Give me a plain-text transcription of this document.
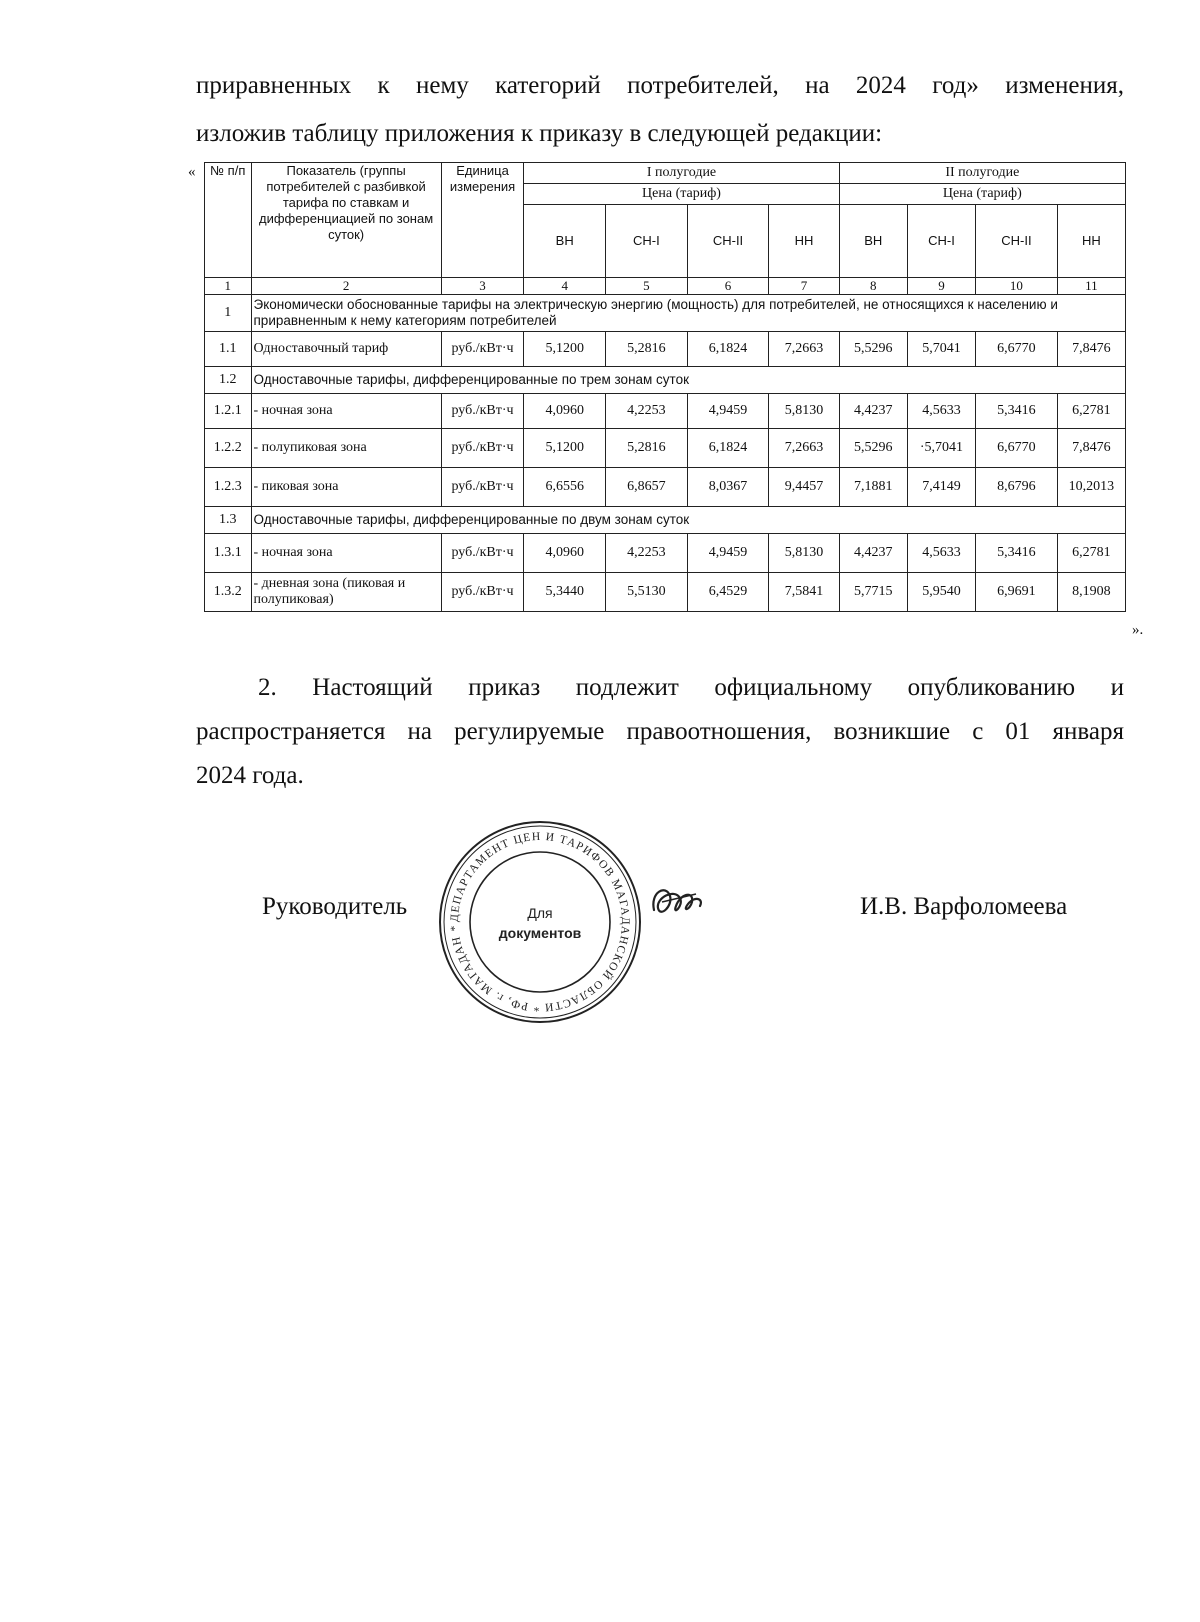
приравненных к нему категорий потребителей, на 2024 год» изменения,

изложив таблицу приложения к приказу в следующей редакции:

« № п/п	Показатель (группы потребителей с разбивкой тарифа по ставкам и дифференциацией по зонам суток)	Единица измерения	I полугодие				II полугодие			
			Цена (тариф)				Цена (тариф)			
			ВН	СН-I	СН-II	НН	ВН	СН-I	СН-II	НН
1	2	3	4	5	6	7	8	9	10	11
1	Экономически обоснованные тарифы на электрическую энергию (мощность) для потребителей, не относящихся к населению и приравненным к нему категориям потребителей									
1.1	Одноставочный тариф	руб./кВт·ч	5,1200	5,2816	6,1824	7,2663	5,5296	5,7041	6,6770	7,8476
1.2	Одноставочные тарифы, дифференцированные по трем зонам суток									
1.2.1	- ночная зона	руб./кВт·ч	4,0960	4,2253	4,9459	5,8130	4,4237	4,5633	5,3416	6,2781
1.2.2	- полупиковая зона	руб./кВт·ч	5,1200	5,2816	6,1824	7,2663	5,5296	·5,7041	6,6770	7,8476
1.2.3	- пиковая зона	руб./кВт·ч	6,6556	6,8657	8,0367	9,4457	7,1881	7,4149	8,6796	10,2013
1.3	Одноставочные тарифы, дифференцированные по двум зонам суток									
1.3.1	- ночная зона	руб./кВт·ч	4,0960	4,2253	4,9459	5,8130	4,4237	4,5633	5,3416	6,2781
1.3.2	- дневная зона (пиковая и полупиковая)	руб./кВт·ч	5,3440	5,5130	6,4529	7,5841	5,7715	5,9540	6,9691	8,1908
».
2. Настоящий приказ подлежит официальному опубликованию и
распространяется на регулируемые правоотношения, возникшие с 01 января
2024 года.
Руководитель	ДЕПАРТАМЕНТ ЦЕН И ТАРИФОВ МАГАДАНСКОЙ ОБЛАСТИ * РФ, г. МАГАДАН *
Для
документов
И.В. Варфоломеева
